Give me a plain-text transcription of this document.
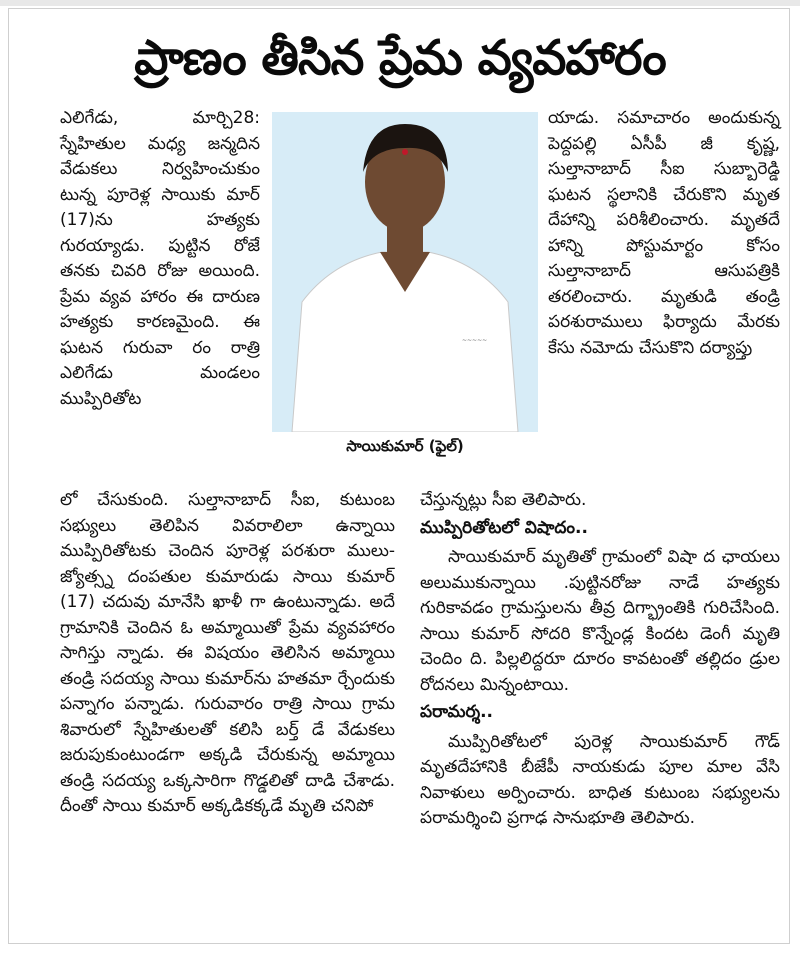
ప్రాణం తీసిన ప్రేమ వ్యవహారం

ఎలిగేడు, మార్చి28: స్నేహితుల మధ్య జన్మదిన వేడుకలు నిర్వహించుకుం టున్న పూరెళ్ల సాయికు మార్ (17)ను హత్యకు గురయ్యాడు. పుట్టిన రోజే తనకు చివరి రోజు అయింది. ప్రేమ వ్యవ హారం ఈ దారుణ హత్యకు కారణమైంది. ఈ ఘటన గురువా రం రాత్రి ఎలిగేడు మండలం ముప్పిరితోట

~~~~~
సాయికుమార్ (ఫైల్)

యాడు. సమాచారం అందుకున్న పెద్దపల్లి ఏసీపీ జీ కృష్ణ, సుల్తానాబాద్ సీఐ సుబ్బారెడ్డి ఘటన స్థలానికి చేరుకొని మృత దేహాన్ని పరిశీలించారు. మృతదే హాన్ని పోస్టుమార్టం కోసం సుల్తానాబాద్ ఆసుపత్రికి తరలించారు. మృతుడి తండ్రి పరశురాములు ఫిర్యాదు మేరకు కేసు నమోదు చేసుకొని దర్యాప్తు

లో చేసుకుంది. సుల్తానాబాద్ సీఐ, కుటుంబ సభ్యులు తెలిపిన వివరాలిలా ఉన్నాయి ముప్పిరితోటకు చెందిన పూరెళ్ల పరశురా ములు-జ్యోత్స్న దంపతుల కుమారుడు సాయి కుమార్ (17) చదువు మానేసి ఖాళీ గా ఉంటున్నాడు. అదే గ్రామానికి చెందిన ఓ అమ్మాయితో ప్రేమ వ్యవహారం సాగిస్తు న్నాడు. ఈ విషయం తెలిసిన అమ్మాయి తండ్రి సదయ్య సాయి కుమార్‌ను హతమా ర్చేందుకు పన్నాగం పన్నాడు. గురువారం రాత్రి సాయి గ్రామ శివారులో స్నేహితులతో కలిసి బర్త్ డే వేడుకలు జరుపుకుంటుండగా అక్కడి చేరుకున్న అమ్మాయి తండ్రి సదయ్య ఒక్కసారిగా గొడ్డలితో దాడి చేశాడు. దీంతో సాయి కుమార్ అక్కడికక్కడే మృతి చనిపో

చేస్తున్నట్లు సీఐ తెలిపారు.

ముప్పిరితోటలో విషాదం..

సాయికుమార్ మృతితో గ్రామంలో విషా ద ఛాయలు అలుముకున్నాయి .పుట్టినరోజు నాడే హత్యకు గురికావడం గ్రామస్తులను తీవ్ర దిగ్భ్రాంతికి గురిచేసింది. సాయి కుమార్ సోదరి కొన్నేండ్ల కిందట డెంగీ మృతి చెందిం ది. పిల్లలిద్దరూ దూరం కావటంతో తల్లిదం డ్రుల రోదనలు మిన్నంటాయి.

పరామర్శ..

ముప్పిరితోటలో పురెళ్ల సాయికుమార్ గౌడ్ మృతదేహానికి బీజేపీ నాయకుడు పూల మాల వేసి నివాళులు అర్పించారు. బాధిత కుటుంబ సభ్యులను పరామర్శించి ప్రగాఢ సానుభూతి తెలిపారు.
